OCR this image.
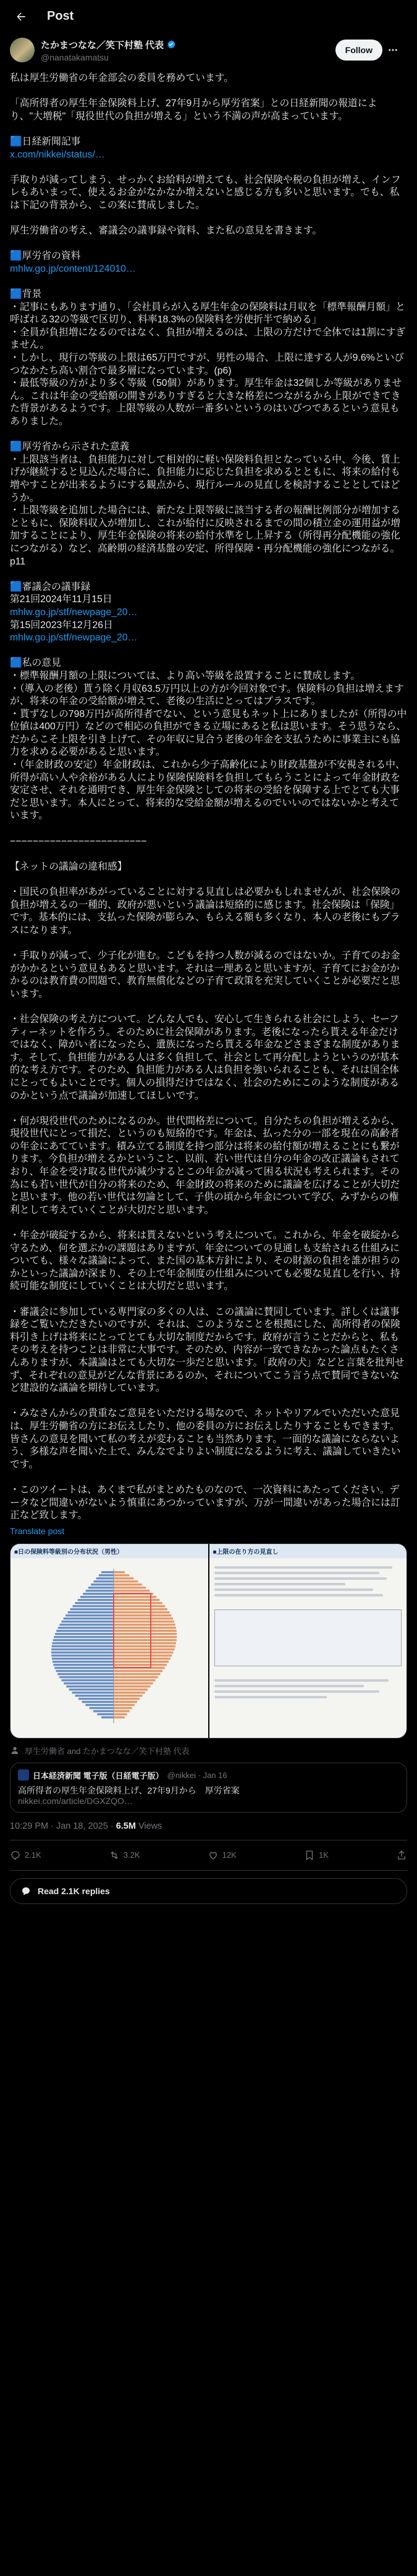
Post
たかまつなな／笑下村塾 代表
@nanatakamatsu
Follow
私は厚生労働省の年金部会の委員を務めています。

「高所得者の厚生年金保険料上げ、27年9月から厚労省案」との日経新聞の報道により、"大増税"「現役世代の負担が増える」という不満の声が高まっています。

🟦日経新聞記事
x.com/nikkei/status/…

手取りが減ってしまう、せっかくお給料が増えても、社会保険や税の負担が増え、インフレもあいまって、使えるお金がなかなか増えないと感じる方も多いと思います。でも、私は下記の背景から、この案に賛成しました。

厚生労働省の考え、審議会の議事録や資料、また私の意見を書きます。

🟦厚労省の資料
mhlw.go.jp/content/124010…

🟦背景
・記事にもあります通り、「会社員らが入る厚生年金の保険料は月収を「標準報酬月額」と呼ばれる32の等級で区切り、料率18.3%の保険料を労使折半で納める」
・全員が負担増になるのではなく、負担が増えるのは、上限の方だけで全体では1割にすぎません。
・しかし、現行の等級の上限は65万円ですが、男性の場合、上限に達する人が9.6%といびつなかたち高い割合で最多層になっています。(p6)
・最低等級の方がより多く等級（50個）があります。厚生年金は32個しか等級がありません。これは年金の受給額の開きがありすぎると大きな格差につながるから上限ができてきた背景があるようです。上限等級の人数が一番多いというのはいびつであるという意見もありました。

🟦厚労省から示された意義
・上限該当者は、負担能力に対して相対的に軽い保険料負担となっている中、今後、賃上げが継続すると見込んだ場合に、負担能力に応じた負担を求めるとともに、将来の給付も増やすことが出来るようにする観点から、現行ルールの見直しを検討することとしてはどうか。
・上限等級を追加した場合には、新たな上限等級に該当する者の報酬比例部分が増加するとともに、保険料収入が増加し、これが給付に反映されるまでの間の積立金の運用益が増加することにより、厚生年金保険の将来の給付水準をし上昇する（所得再分配機能の強化につながる）など、高齢期の経済基盤の安定、所得保障・再分配機能の強化につながる。
p11

🟦審議会の議事録
第21回2024年11月15日
mhlw.go.jp/stf/newpage_20…
第15回2023年12月26日
mhlw.go.jp/stf/newpage_20…

🟦私の意見
・標準報酬月額の上限については、より高い等級を設置することに賛成します。
・（導入の老後）貰う除く月収63.5万円以上の方が今回対象です。保険料の負担は増えますが、将来の年金の受給額が増えて、老後の生活にとってはプラスです。
・貰ずなしの798万円が高所得者でない、という意見もネット上にありましたが（所得の中位値は400万円）などので相応の負担ができる立場にあると私は思います。そう思うなら、だからこそ上限を引き上げて、その年収に見合う老後の年金を支払うために事業主にも協力を求める必要があると思います。
・（年金財政の安定）年金財政は、これから少子高齢化により財政基盤が不安視される中、所得が高い人や余裕がある人により保険保険料を負担してもらうことによって年金財政を安定させ、それを通明でき、厚生年金保険としての将来の受給を保障する上でとても大事だと思います。本人にとって、将来的な受給金額が増えるのでいいのではないかと考えています。

−−−−−−−−−−−−−−−−−−−−−−−−

【ネットの議論の違和感】

・国民の負担率があがっていることに対する見直しは必要かもしれませんが、社会保険の負担が増えるの一種的、政府が悪いという議論は短絡的に感じます。社会保険は「保険」です。基本的には、支払った保険が膨らみ、もらえる額も多くなり、本人の老後にもプラスになります。

・手取りが減って、少子化が進む。こどもを持つ人数が減るのではないか。子育てのお金がかかるという意見もあると思います。それは一理あると思いますが、子育てにお金がかかるのは教育費の問題で、教育無償化などの子育て政策を充実していくことが必要だと思います。

・社会保険の考え方について。どんな人でも、安心して生きられる社会にしよう、セーフティーネットを作ろう。そのために社会保障があります。老後になったら貰える年金だけではなく、障がい者になったら、遺族になったら貰える年金などさまざまな制度があります。そして、負担能力がある人は多く負担して、社会として再分配しようというのが基本的な考え方です。そのため、負担能力がある人は負担を強いられることも、それは国全体にとってもよいことです。個人の損得だけではなく、社会のためにこのような制度があるのかという点で議論が加速してほしいです。

・何が現役世代のためになるのか。世代間格差について。自分たちの負担が増えるから、現役世代にとって損だ、というのも短絡的です。年金は、払った分の一部を現在の高齢者の年金にあてています。積み立てる制度を持つ部分は将来の給付額が増えることにも繋がります。今負担が増えるかということ、以前、若い世代は自分の年金の改正議論もされており、年金を受け取る世代が減少するとこの年金が減って困る状況も考えられます。その為にも若い世代が自分の将来のため、年金財政の将来のために議論を広げることが大切だと思います。他の若い世代は勿論として、子供の頃から年金について学び、みずからの権利として考えていくことが大切だと思います。

・年金が破綻するから、将来は貰えないという考えについて。これから、年金を破綻から守るため、何を選ぶかの課題はありますが、年金についての見通しも支給される仕組みについても、様々な議論によって、また国の基本方針により、その財源の負担を誰が担うのかといった議論が深まり、その上で年金制度の仕組みについても必要な見直しを行い、持続可能な制度にしていくことは大切だと思います。

・審議会に参加している専門家の多くの人は、この議論に賛同しています。詳しくは議事録をご覧いただきたいのですが、それは、このようなことを根拠にした、高所得者の保険料引き上げは将来にとってとても大切な制度だからです。政府が言うことだからと、私もその考えを持つことは非常に大事です。そのため、内容が一致できなかった論点もたくさんありますが、本議論はとても大切な一歩だと思います。「政府の犬」などと言葉を批判せず、それぞれの意見がどんな背景にあるのか、それについてこう言う点で賛同できないなど建設的な議論を期待しています。

・みなさんからの貴重なご意見をいただける場なので、ネットやリアルでいただいた意見は、厚生労働省の方にお伝えしたり、他の委員の方にお伝えしたりすることもできます。皆さんの意見を聞いて私の考えが変わることも当然あります。一面的な議論にならないよう、多様な声を聞いた上で、みんなでよりよい制度になるように考え、議論していきたいです。

・このツイートは、あくまで私がまとめたものなので、一次資料にあたってください。データなど間違いがないよう慎重にあつかっていますが、万が一間違いがあった場合には訂正など致します。
Translate post
■日の保険料等級別の分布状況（男性）	■上限の在り方の見直し
厚生労働省 and たかまつなな／笑下村塾 代表
日本経済新聞 電子版（日経電子版） @nikkei · Jan 16
高所得者の厚生年金保険料上げ、27年9月から　厚労省案
nikkei.com/article/DGXZQO…
10:29 PM · Jan 18, 2025 · 6.5M Views
2.1K	3.2K	12K	1K
Read 2.1K replies
